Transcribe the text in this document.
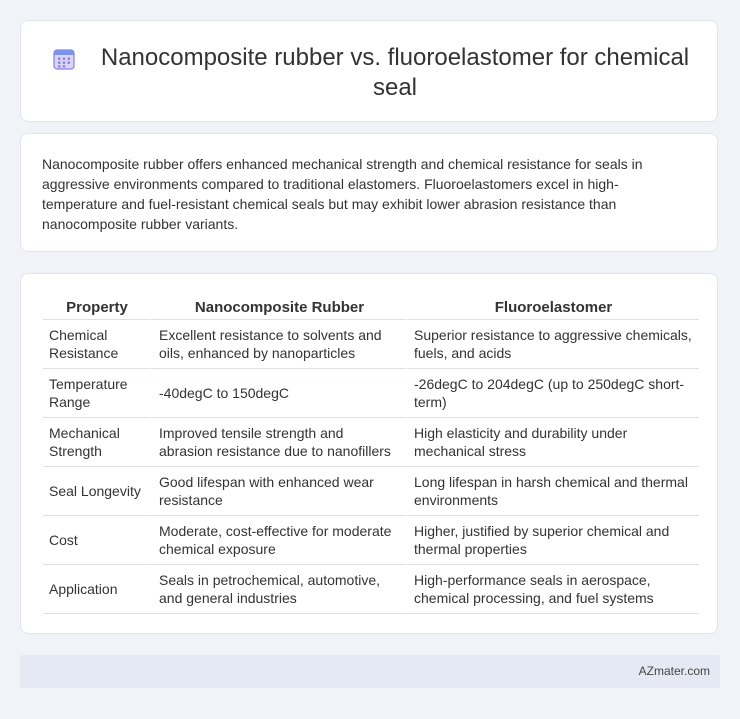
Nanocomposite rubber vs. fluoroelastomer for chemical seal
Nanocomposite rubber offers enhanced mechanical strength and chemical resistance for seals in aggressive environments compared to traditional elastomers. Fluoroelastomers excel in high-temperature and fuel-resistant chemical seals but may exhibit lower abrasion resistance than nanocomposite rubber variants.
Property	Nanocomposite Rubber	Fluoroelastomer
Chemical Resistance	Excellent resistance to solvents and oils, enhanced by nanoparticles	Superior resistance to aggressive chemicals, fuels, and acids
Temperature Range	-40degC to 150degC	-26degC to 204degC (up to 250degC short-term)
Mechanical Strength	Improved tensile strength and abrasion resistance due to nanofillers	High elasticity and durability under mechanical stress
Seal Longevity	Good lifespan with enhanced wear resistance	Long lifespan in harsh chemical and thermal environments
Cost	Moderate, cost-effective for moderate chemical exposure	Higher, justified by superior chemical and thermal properties
Application	Seals in petrochemical, automotive, and general industries	High-performance seals in aerospace, chemical processing, and fuel systems
AZmater.com
